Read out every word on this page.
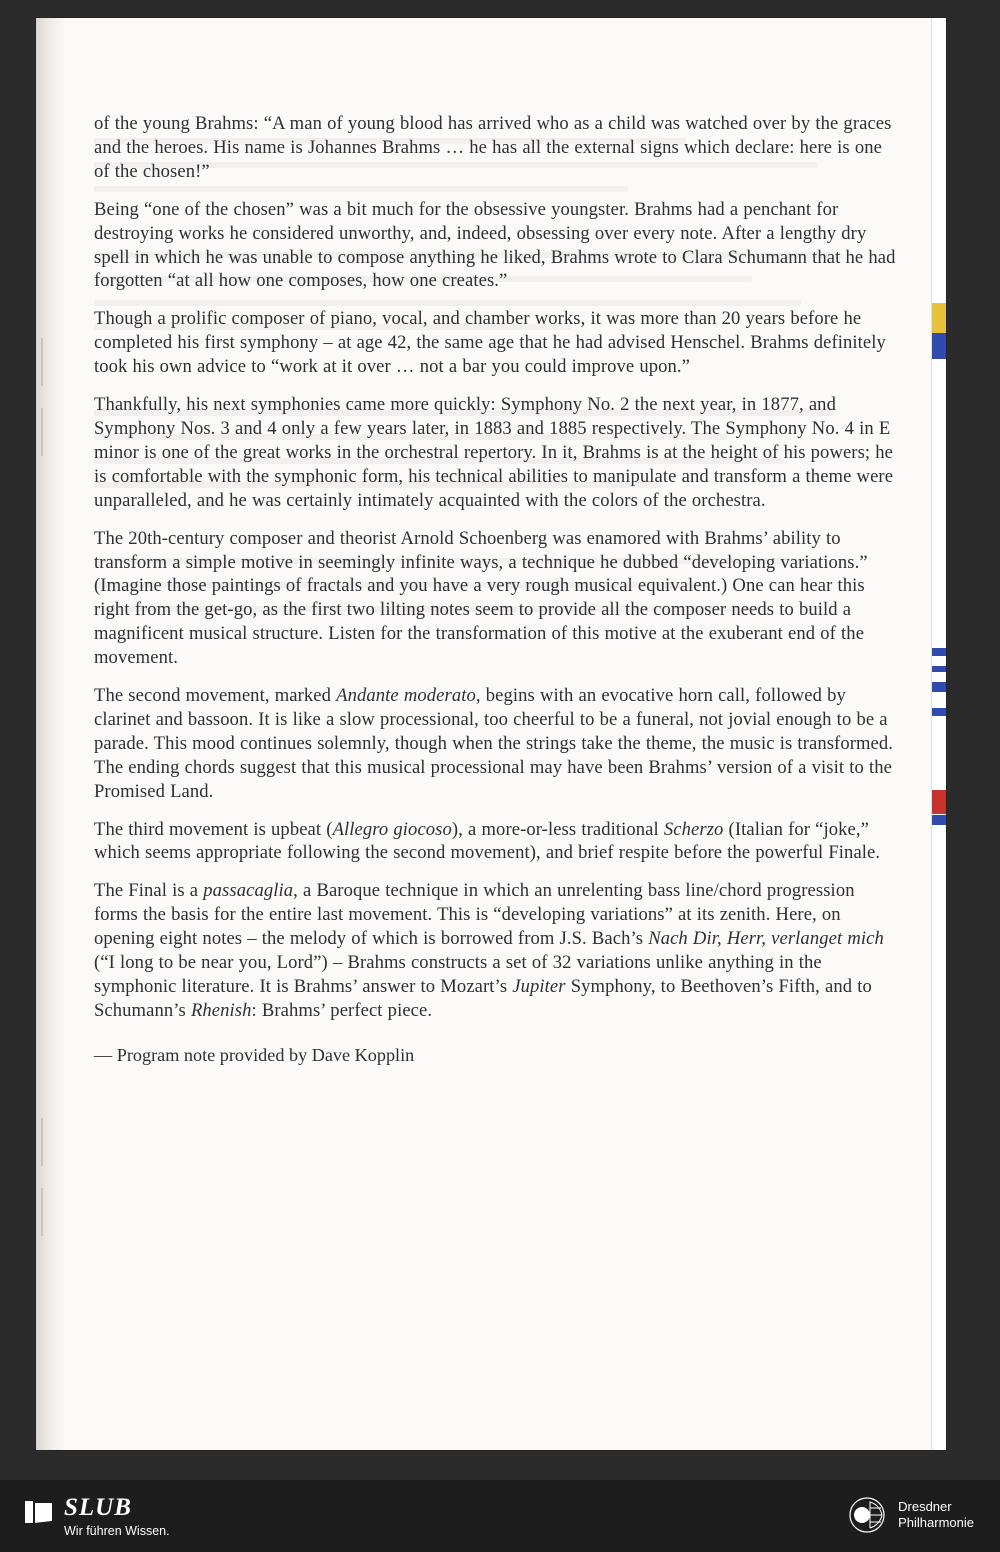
of the young Brahms: “A man of young blood has arrived who as a child was watched over by the graces and the heroes. His name is Johannes Brahms … he has all the external signs which declare: here is one of the chosen!”

Being “one of the chosen” was a bit much for the obsessive youngster. Brahms had a penchant for destroying works he considered unworthy, and, indeed, obsessing over every note. After a lengthy dry spell in which he was unable to compose anything he liked, Brahms wrote to Clara Schumann that he had forgotten “at all how one composes, how one creates.”

Though a prolific composer of piano, vocal, and chamber works, it was more than 20 years before he completed his first symphony – at age 42, the same age that he had advised Henschel. Brahms definitely took his own advice to “work at it over … not a bar you could improve upon.”

Thankfully, his next symphonies came more quickly: Symphony No. 2 the next year, in 1877, and Symphony Nos. 3 and 4 only a few years later, in 1883 and 1885 respectively. The Symphony No. 4 in E minor is one of the great works in the orchestral repertory. In it, Brahms is at the height of his powers; he is comfortable with the symphonic form, his technical abilities to manipulate and transform a theme were unparalleled, and he was certainly intimately acquainted with the colors of the orchestra.

The 20th-century composer and theorist Arnold Schoenberg was enamored with Brahms’ ability to transform a simple motive in seemingly infinite ways, a technique he dubbed “developing variations.” (Imagine those paintings of fractals and you have a very rough musical equivalent.) One can hear this right from the get-go, as the first two lilting notes seem to provide all the composer needs to build a magnificent musical structure. Listen for the transformation of this motive at the exuberant end of the movement.

The second movement, marked Andante moderato, begins with an evocative horn call, followed by clarinet and bassoon. It is like a slow processional, too cheerful to be a funeral, not jovial enough to be a parade. This mood continues solemnly, though when the strings take the theme, the music is transformed. The ending chords suggest that this musical processional may have been Brahms’ version of a visit to the Promised Land.

The third movement is upbeat (Allegro giocoso), a more-or-less traditional Scherzo (Italian for “joke,” which seems appropriate following the second movement), and brief respite before the powerful Finale.

The Final is a passacaglia, a Baroque technique in which an unrelenting bass line/chord progression forms the basis for the entire last movement. This is “developing variations” at its zenith. Here, on opening eight notes – the melody of which is borrowed from J.S. Bach’s Nach Dir, Herr, verlanget mich (“I long to be near you, Lord”) – Brahms constructs a set of 32 variations unlike anything in the symphonic literature. It is Brahms’ answer to Mozart’s Jupiter Symphony, to Beethoven’s Fifth, and to Schumann’s Rhenish: Brahms’ perfect piece.

— Program note provided by Dave Kopplin
SLUB
Wir führen Wissen.
Dresdner
Philharmonie
